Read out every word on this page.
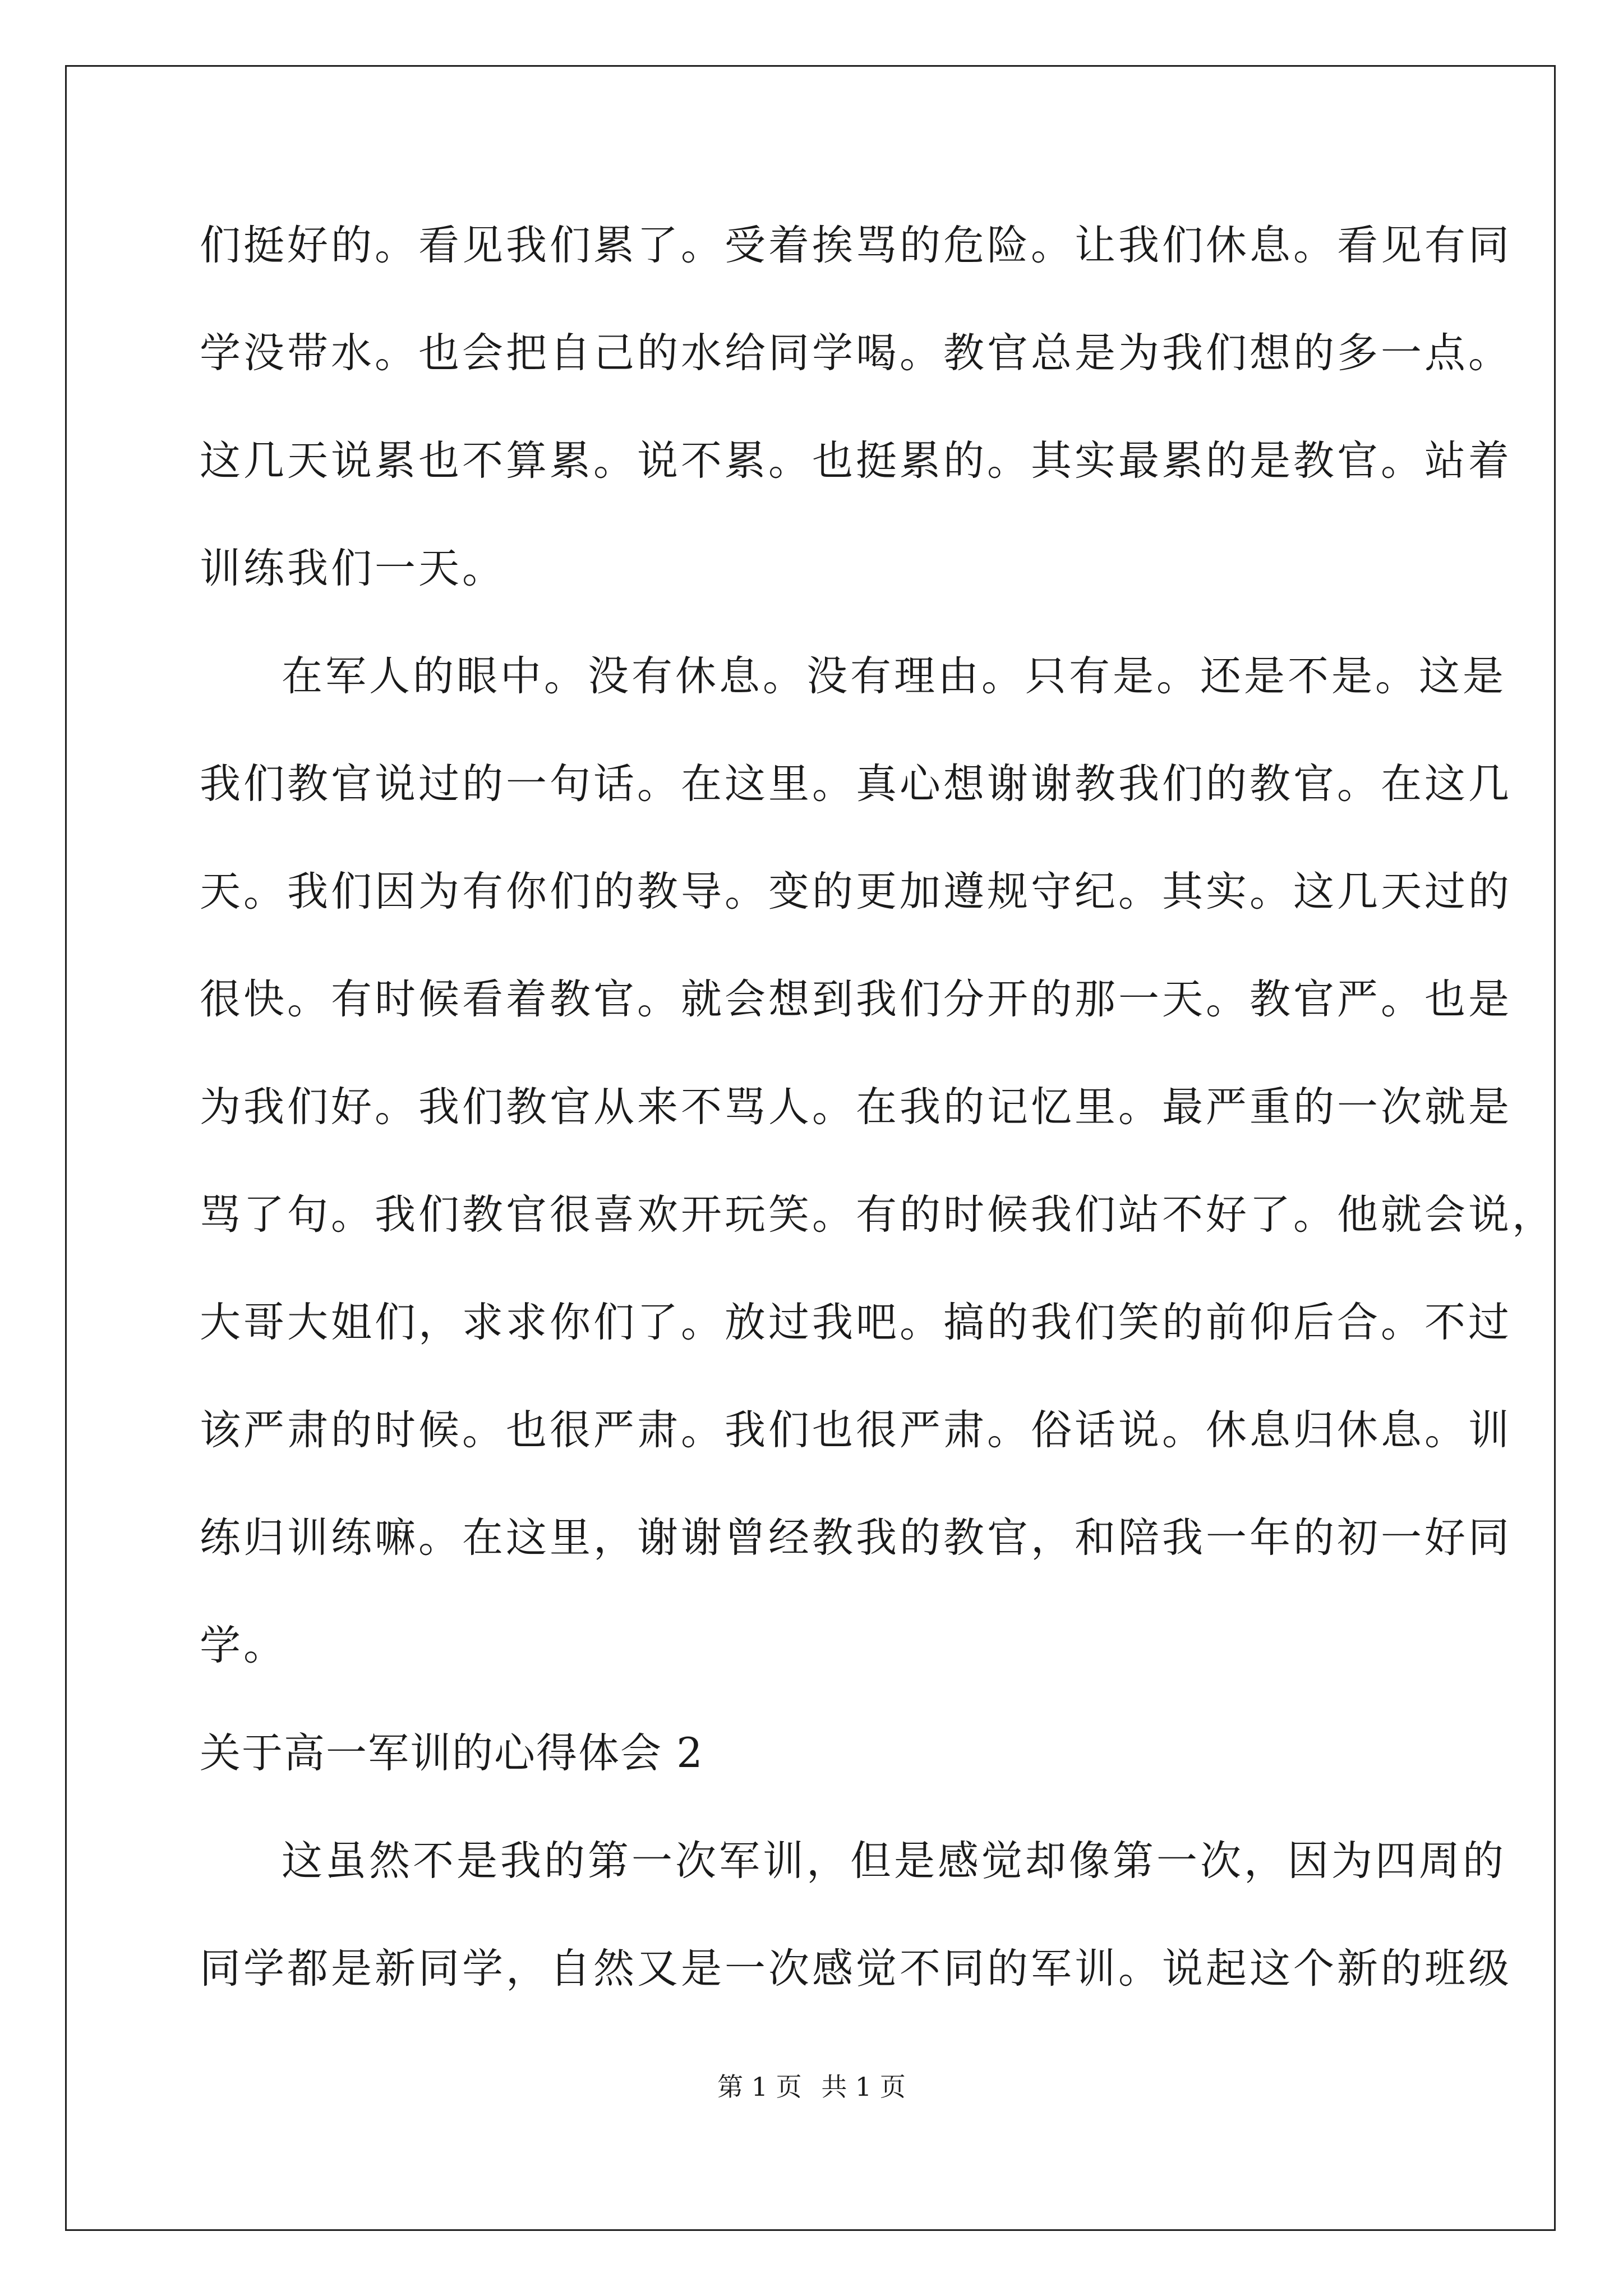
们挺好的。看见我们累了。受着挨骂的危险。让我们休息。看见有同
学没带水。也会把自己的水给同学喝。教官总是为我们想的多一点。
这几天说累也不算累。说不累。也挺累的。其实最累的是教官。站着
训练我们一天。
在军人的眼中。没有休息。没有理由。只有是。还是不是。这是
我们教官说过的一句话。在这里。真心想谢谢教我们的教官。在这几
天。我们因为有你们的教导。变的更加遵规守纪。其实。这几天过的
很快。有时候看着教官。就会想到我们分开的那一天。教官严。也是
为我们好。我们教官从来不骂人。在我的记忆里。最严重的一次就是
骂了句。我们教官很喜欢开玩笑。有的时候我们站不好了。他就会说，
大哥大姐们，求求你们了。放过我吧。搞的我们笑的前仰后合。不过
该严肃的时候。也很严肃。我们也很严肃。俗话说。休息归休息。训
练归训练嘛。在这里，谢谢曾经教我的教官，和陪我一年的初一好同
学。
关于高一军训的心得体会 2
这虽然不是我的第一次军训，但是感觉却像第一次，因为四周的
同学都是新同学，自然又是一次感觉不同的军训。说起这个新的班级
第 1 页 共 1 页
